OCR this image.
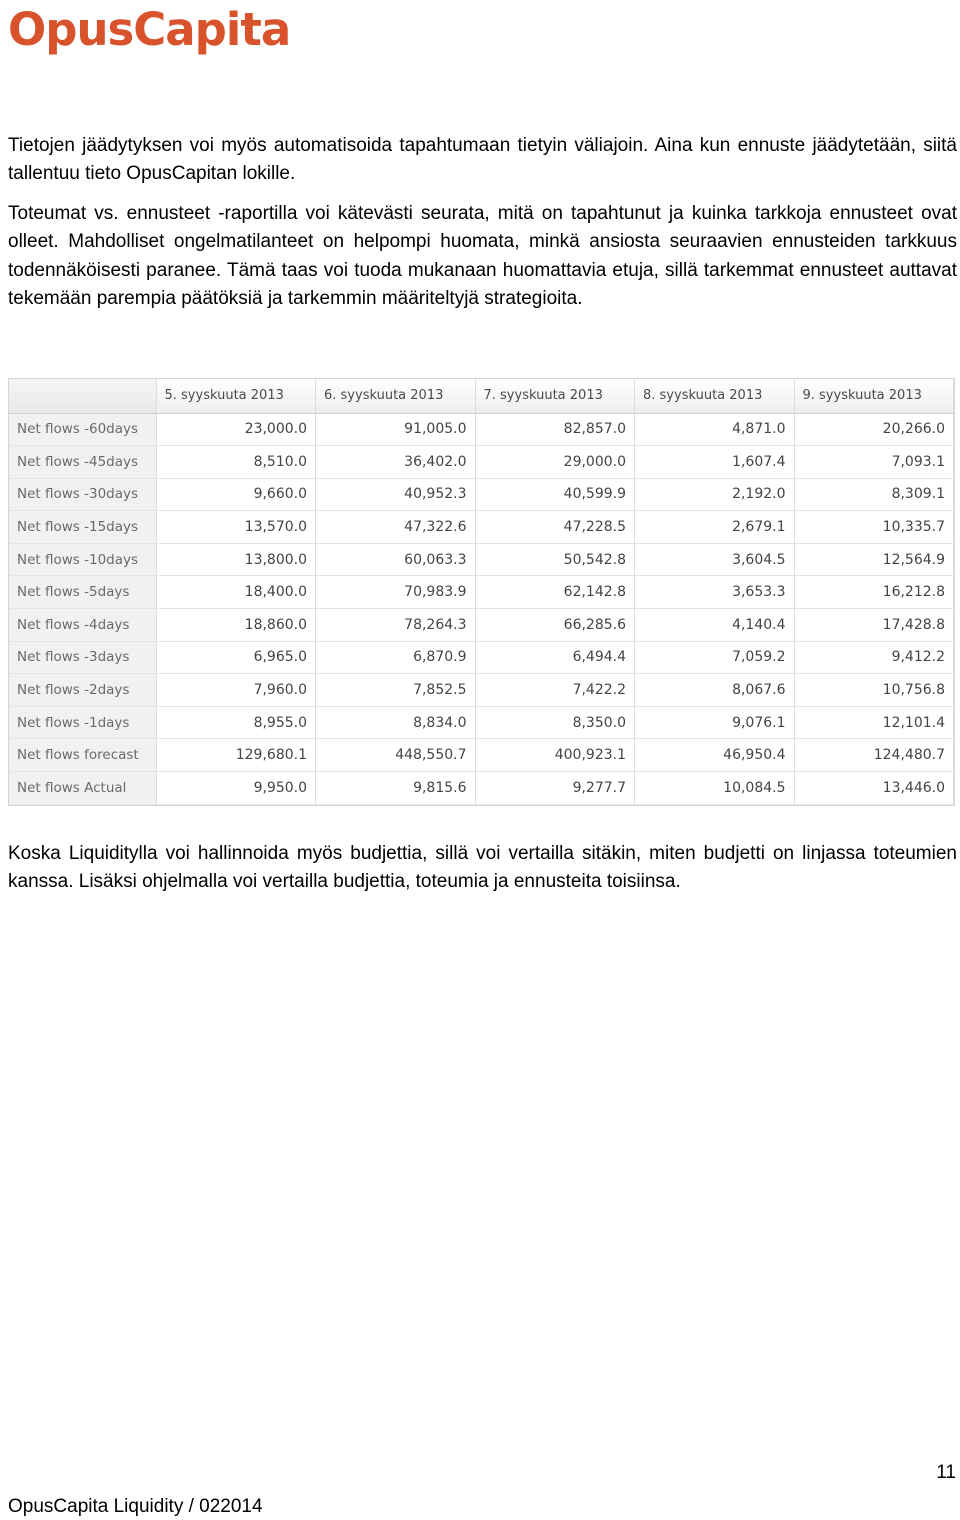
OpusCapita

Tietojen jäädytyksen voi myös automatisoida tapahtumaan tietyin väliajoin. Aina kun ennuste jäädytetään, siitä tallentuu tieto OpusCapitan lokille.

Toteumat vs. ennusteet -raportilla voi kätevästi seurata, mitä on tapahtunut ja kuinka tarkkoja ennusteet ovat olleet. Mahdolliset ongelmatilanteet on helpompi huomata, minkä ansiosta seuraavien ennusteiden tarkkuus todennäköisesti paranee. Tämä taas voi tuoda mukanaan huomattavia etuja, sillä tarkemmat ennusteet auttavat tekemään parempia päätöksiä ja tarkemmin määriteltyjä strategioita.

	5. syyskuuta 2013	6. syyskuuta 2013	7. syyskuuta 2013	8. syyskuuta 2013	9. syyskuuta 2013
Net flows -60days	23,000.0	91,005.0	82,857.0	4,871.0	20,266.0
Net flows -45days	8,510.0	36,402.0	29,000.0	1,607.4	7,093.1
Net flows -30days	9,660.0	40,952.3	40,599.9	2,192.0	8,309.1
Net flows -15days	13,570.0	47,322.6	47,228.5	2,679.1	10,335.7
Net flows -10days	13,800.0	60,063.3	50,542.8	3,604.5	12,564.9
Net flows -5days	18,400.0	70,983.9	62,142.8	3,653.3	16,212.8
Net flows -4days	18,860.0	78,264.3	66,285.6	4,140.4	17,428.8
Net flows -3days	6,965.0	6,870.9	6,494.4	7,059.2	9,412.2
Net flows -2days	7,960.0	7,852.5	7,422.2	8,067.6	10,756.8
Net flows -1days	8,955.0	8,834.0	8,350.0	9,076.1	12,101.4
Net flows forecast	129,680.1	448,550.7	400,923.1	46,950.4	124,480.7
Net flows Actual	9,950.0	9,815.6	9,277.7	10,084.5	13,446.0

Koska Liquiditylla voi hallinnoida myös budjettia, sillä voi vertailla sitäkin, miten budjetti on linjassa toteumien kanssa. Lisäksi ohjelmalla voi vertailla budjettia, toteumia ja ennusteita toisiinsa.

11
OpusCapita Liquidity / 022014
